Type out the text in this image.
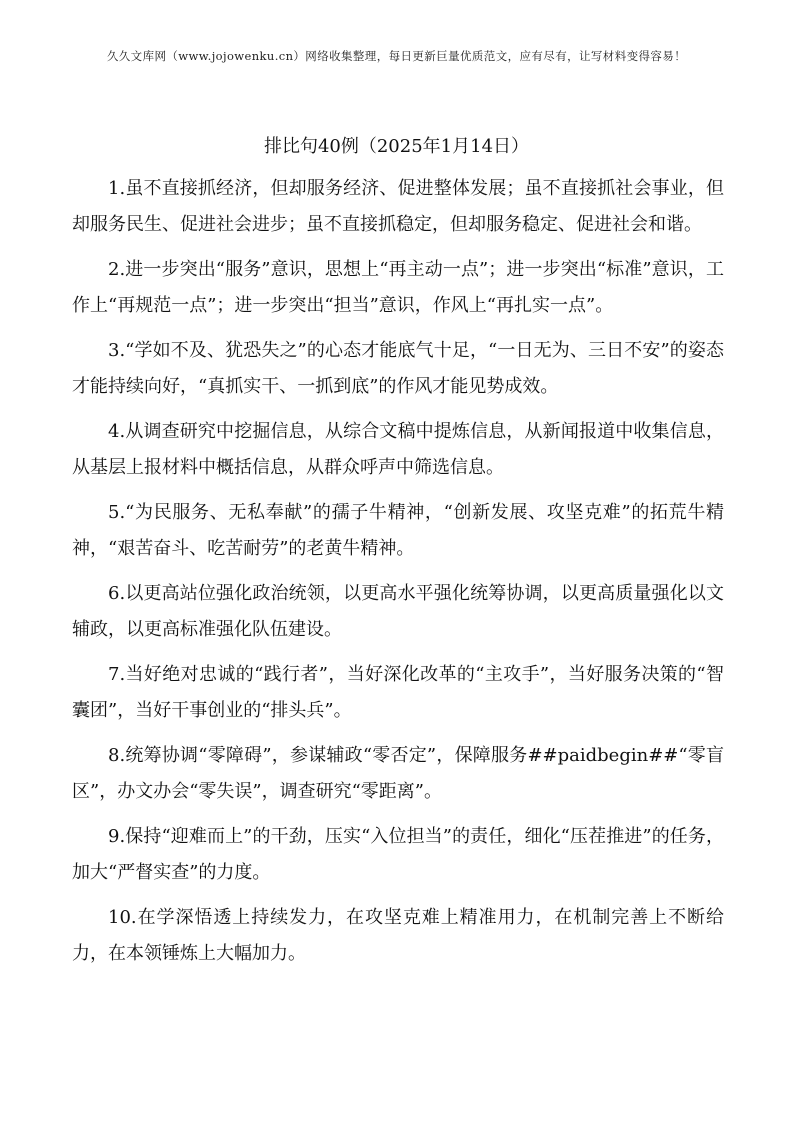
久久文库网（www.jojowenku.cn）网络收集整理，每日更新巨量优质范文，应有尽有，让写材料变得容易！
排比句40例（2025年1月14日）

1.虽不直接抓经济，但却服务经济、促进整体发展；虽不直接抓社会事业，但却服务民生、促进社会进步；虽不直接抓稳定，但却服务稳定、促进社会和谐。

2.进一步突出“服务”意识，思想上“再主动一点”；进一步突出“标准”意识，工作上“再规范一点”；进一步突出“担当”意识，作风上“再扎实一点”。

3.“学如不及、犹恐失之”的心态才能底气十足，“一日无为、三日不安”的姿态才能持续向好，“真抓实干、一抓到底”的作风才能见势成效。

4.从调查研究中挖掘信息，从综合文稿中提炼信息，从新闻报道中收集信息，从基层上报材料中概括信息，从群众呼声中筛选信息。

5.“为民服务、无私奉献”的孺子牛精神，“创新发展、攻坚克难”的拓荒牛精神，“艰苦奋斗、吃苦耐劳”的老黄牛精神。

6.以更高站位强化政治统领，以更高水平强化统筹协调，以更高质量强化以文辅政，以更高标准强化队伍建设。

7.当好绝对忠诚的“践行者”，当好深化改革的“主攻手”，当好服务决策的“智囊团”，当好干事创业的“排头兵”。

8.统筹协调“零障碍”，参谋辅政“零否定”，保障服务##paidbegin##“零盲区”，办文办会“零失误”，调查研究“零距离”。

9.保持“迎难而上”的干劲，压实“入位担当”的责任，细化“压茬推进”的任务，加大“严督实查”的力度。

10.在学深悟透上持续发力，在攻坚克难上精准用力，在机制完善上不断给力，在本领锤炼上大幅加力。
